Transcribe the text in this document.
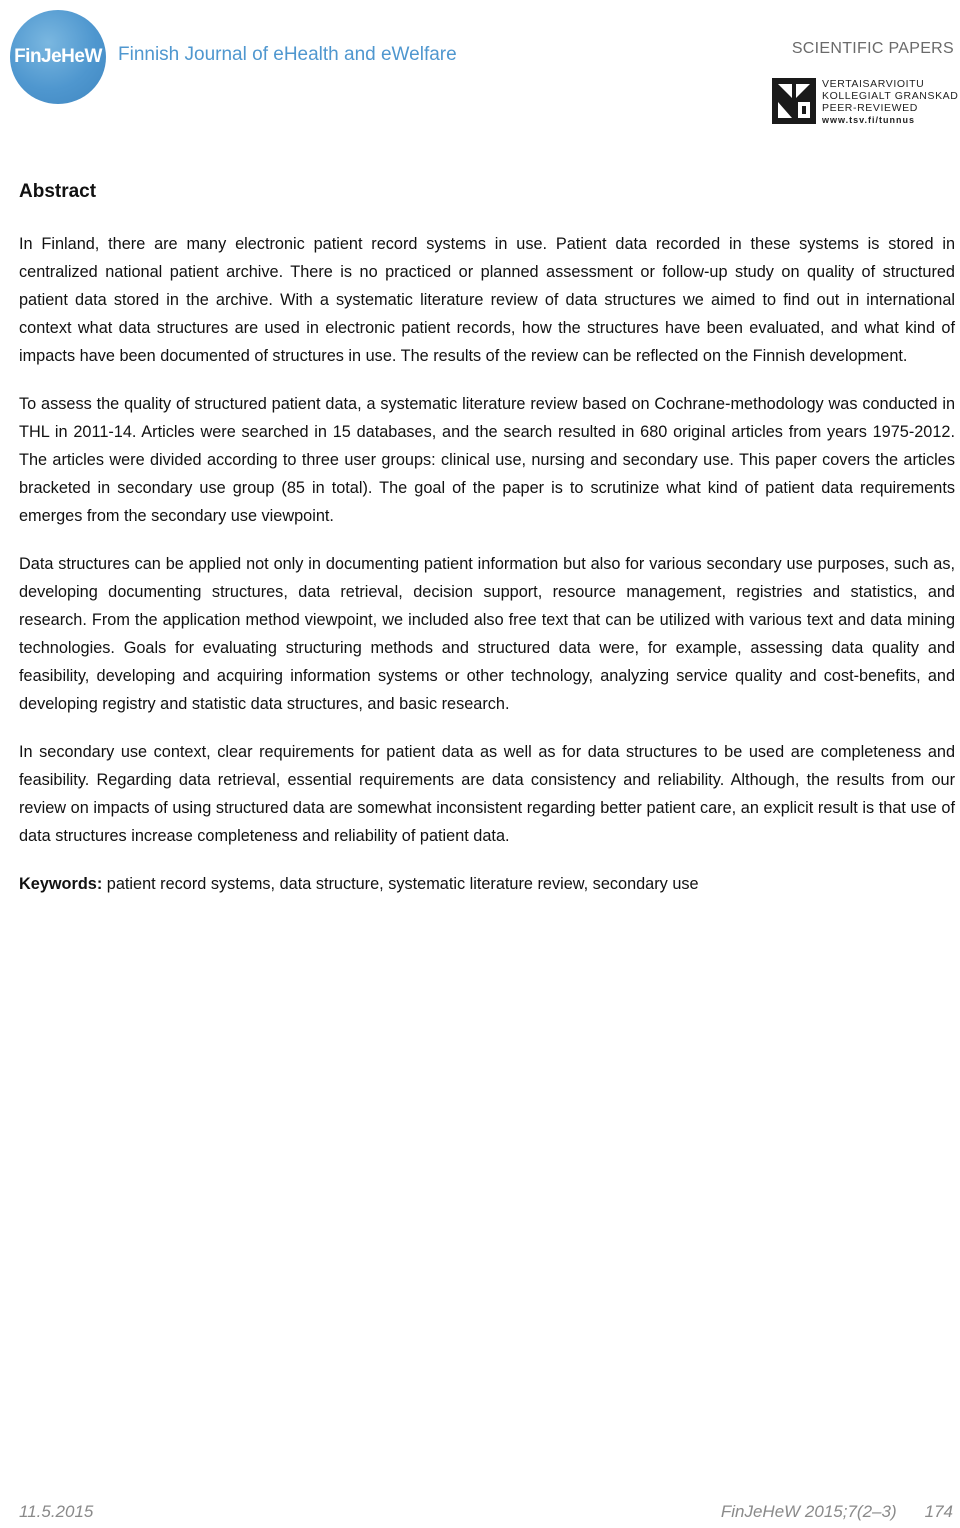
FinJeHeW Finnish Journal of eHealth and eWelfare	SCIENTIFIC PAPERS
VERTAISARVIOITU
KOLLEGIALT GRANSKAD
PEER-REVIEWED
www.tsv.fi/tunnus
Abstract

In Finland, there are many electronic patient record systems in use. Patient data recorded in these systems is stored in centralized national patient archive. There is no practiced or planned assessment or follow-up study on quality of structured patient data stored in the archive. With a systematic literature review of data structures we aimed to find out in international context what data structures are used in electronic patient records, how the structures have been evaluated, and what kind of impacts have been documented of structures in use. The results of the review can be reflected on the Finnish development.

To assess the quality of structured patient data, a systematic literature review based on Cochrane-methodology was conducted in THL in 2011-14. Articles were searched in 15 databases, and the search resulted in 680 original articles from years 1975-2012. The articles were divided according to three user groups: clinical use, nursing and secondary use. This paper covers the articles bracketed in secondary use group (85 in total). The goal of the paper is to scrutinize what kind of patient data requirements emerges from the secondary use viewpoint.

Data structures can be applied not only in documenting patient information but also for various secondary use purposes, such as, developing documenting structures, data retrieval, decision support, resource management, registries and statistics, and research. From the application method viewpoint, we included also free text that can be utilized with various text and data mining technologies. Goals for evaluating structuring methods and structured data were, for example, assessing data quality and feasibility, developing and acquiring information systems or other technology, analyzing service quality and cost-benefits, and developing registry and statistic data structures, and basic research.

In secondary use context, clear requirements for patient data as well as for data structures to be used are completeness and feasibility. Regarding data retrieval, essential requirements are data consistency and reliability. Although, the results from our review on impacts of using structured data are somewhat inconsistent regarding better patient care, an explicit result is that use of data structures increase completeness and reliability of patient data.

Keywords: patient record systems, data structure, systematic literature review, secondary use

11.5.2015	FinJeHeW 2015;7(2–3) 174
